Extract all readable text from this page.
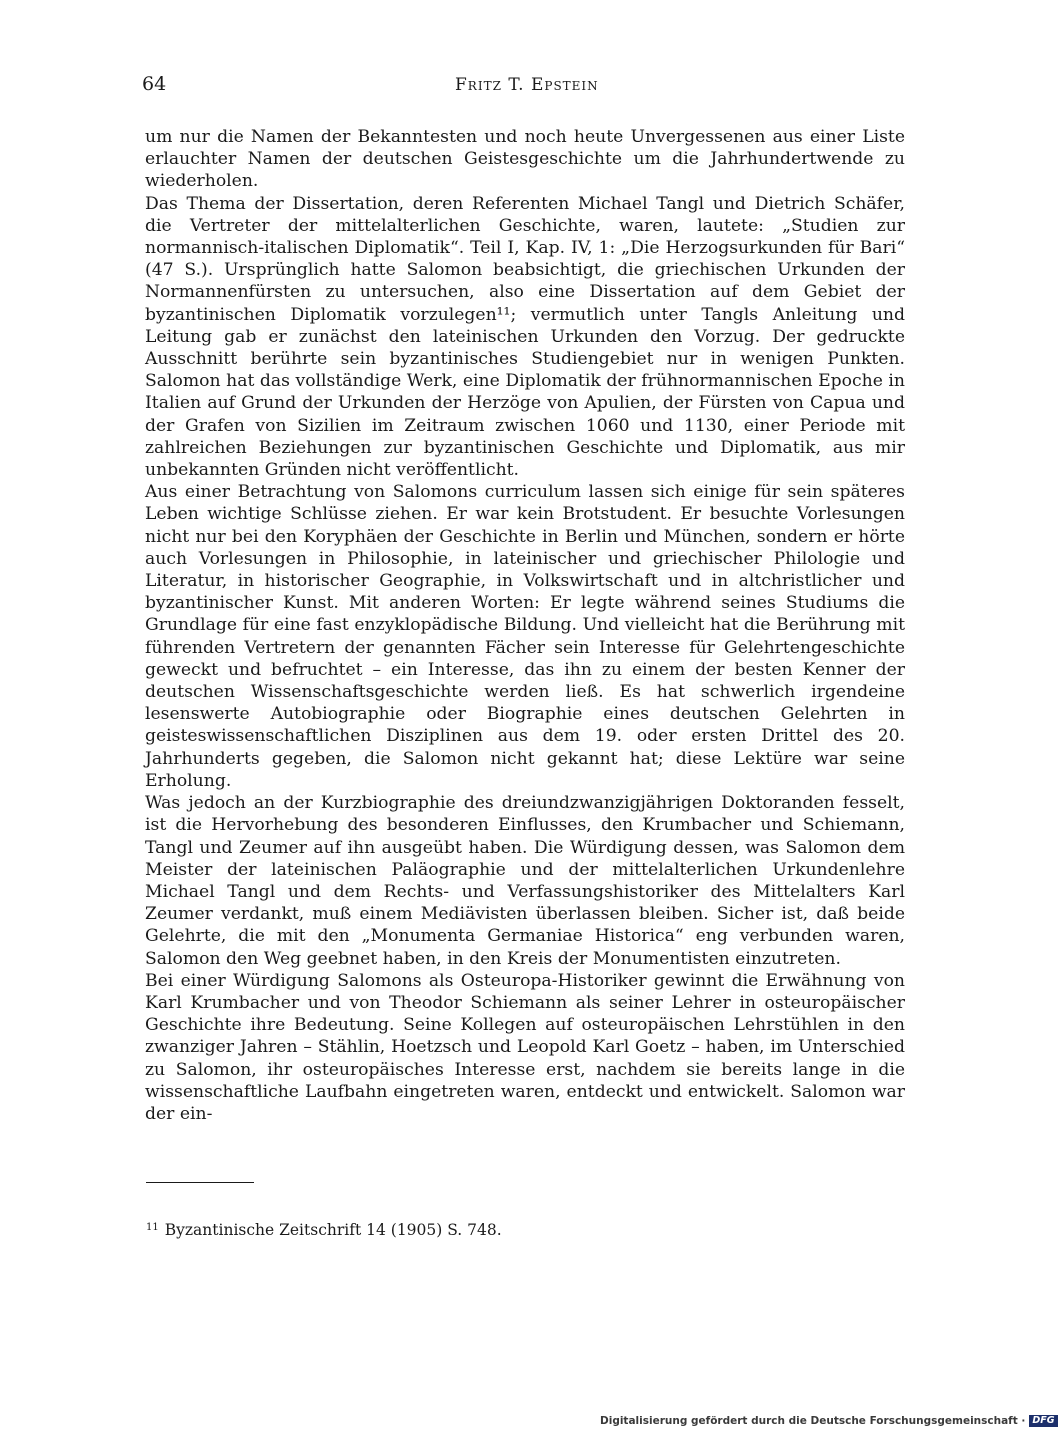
64	Fritz T. Epstein

um nur die Namen der Bekanntesten und noch heute Unvergessenen aus einer Liste erlauchter Namen der deutschen Geistesgeschichte um die Jahrhundertwende zu wiederholen.

Das Thema der Dissertation, deren Referenten Michael Tangl und Dietrich Schäfer, die Vertreter der mittelalterlichen Geschichte, waren, lautete: „Studien zur normannisch-italischen Diplomatik“. Teil I, Kap. IV, 1: „Die Herzogsurkunden für Bari“ (47 S.). Ursprünglich hatte Salomon beabsichtigt, die griechischen Urkunden der Normannenfürsten zu untersuchen, also eine Dissertation auf dem Gebiet der byzantinischen Diplomatik vorzulegen¹¹; vermutlich unter Tangls Anleitung und Leitung gab er zunächst den lateinischen Urkunden den Vorzug. Der gedruckte Ausschnitt berührte sein byzantinisches Studiengebiet nur in wenigen Punkten. Salomon hat das vollständige Werk, eine Diplomatik der frühnormannischen Epoche in Italien auf Grund der Urkunden der Herzöge von Apulien, der Fürsten von Capua und der Grafen von Sizilien im Zeitraum zwischen 1060 und 1130, einer Periode mit zahlreichen Beziehungen zur byzantinischen Geschichte und Diplomatik, aus mir unbekannten Gründen nicht veröffentlicht.

Aus einer Betrachtung von Salomons curriculum lassen sich einige für sein späteres Leben wichtige Schlüsse ziehen. Er war kein Brotstudent. Er besuchte Vorlesungen nicht nur bei den Koryphäen der Geschichte in Berlin und München, sondern er hörte auch Vorlesungen in Philosophie, in lateinischer und griechischer Philologie und Literatur, in historischer Geographie, in Volkswirtschaft und in altchristlicher und byzantinischer Kunst. Mit anderen Worten: Er legte während seines Studiums die Grundlage für eine fast enzyklopädische Bildung. Und vielleicht hat die Berührung mit führenden Vertretern der genannten Fächer sein Interesse für Gelehrtengeschichte geweckt und befruchtet – ein Interesse, das ihn zu einem der besten Kenner der deutschen Wissenschaftsgeschichte werden ließ. Es hat schwerlich irgendeine lesenswerte Autobiographie oder Biographie eines deutschen Gelehrten in geisteswissenschaftlichen Disziplinen aus dem 19. oder ersten Drittel des 20. Jahrhunderts gegeben, die Salomon nicht gekannt hat; diese Lektüre war seine Erholung.

Was jedoch an der Kurzbiographie des dreiundzwanzigjährigen Doktoranden fesselt, ist die Hervorhebung des besonderen Einflusses, den Krumbacher und Schiemann, Tangl und Zeumer auf ihn ausgeübt haben. Die Würdigung dessen, was Salomon dem Meister der lateinischen Paläographie und der mittelalterlichen Urkundenlehre Michael Tangl und dem Rechts- und Verfassungshistoriker des Mittelalters Karl Zeumer verdankt, muß einem Mediävisten überlassen bleiben. Sicher ist, daß beide Gelehrte, die mit den „Monumenta Germaniae Historica“ eng verbunden waren, Salomon den Weg geebnet haben, in den Kreis der Monumentisten einzutreten.

Bei einer Würdigung Salomons als Osteuropa-Historiker gewinnt die Erwähnung von Karl Krumbacher und von Theodor Schiemann als seiner Lehrer in osteuropäischer Geschichte ihre Bedeutung. Seine Kollegen auf osteuropäischen Lehrstühlen in den zwanziger Jahren – Stählin, Hoetzsch und Leopold Karl Goetz – haben, im Unterschied zu Salomon, ihr osteuropäisches Interesse erst, nachdem sie bereits lange in die wissenschaftliche Laufbahn eingetreten waren, entdeckt und entwickelt. Salomon war der ein-

$^{11}$ Byzantinische Zeitschrift 14 (1905) S. 748.
Digitalisierung gefördert durch die Deutsche Forschungsgemeinschaft · DFG
